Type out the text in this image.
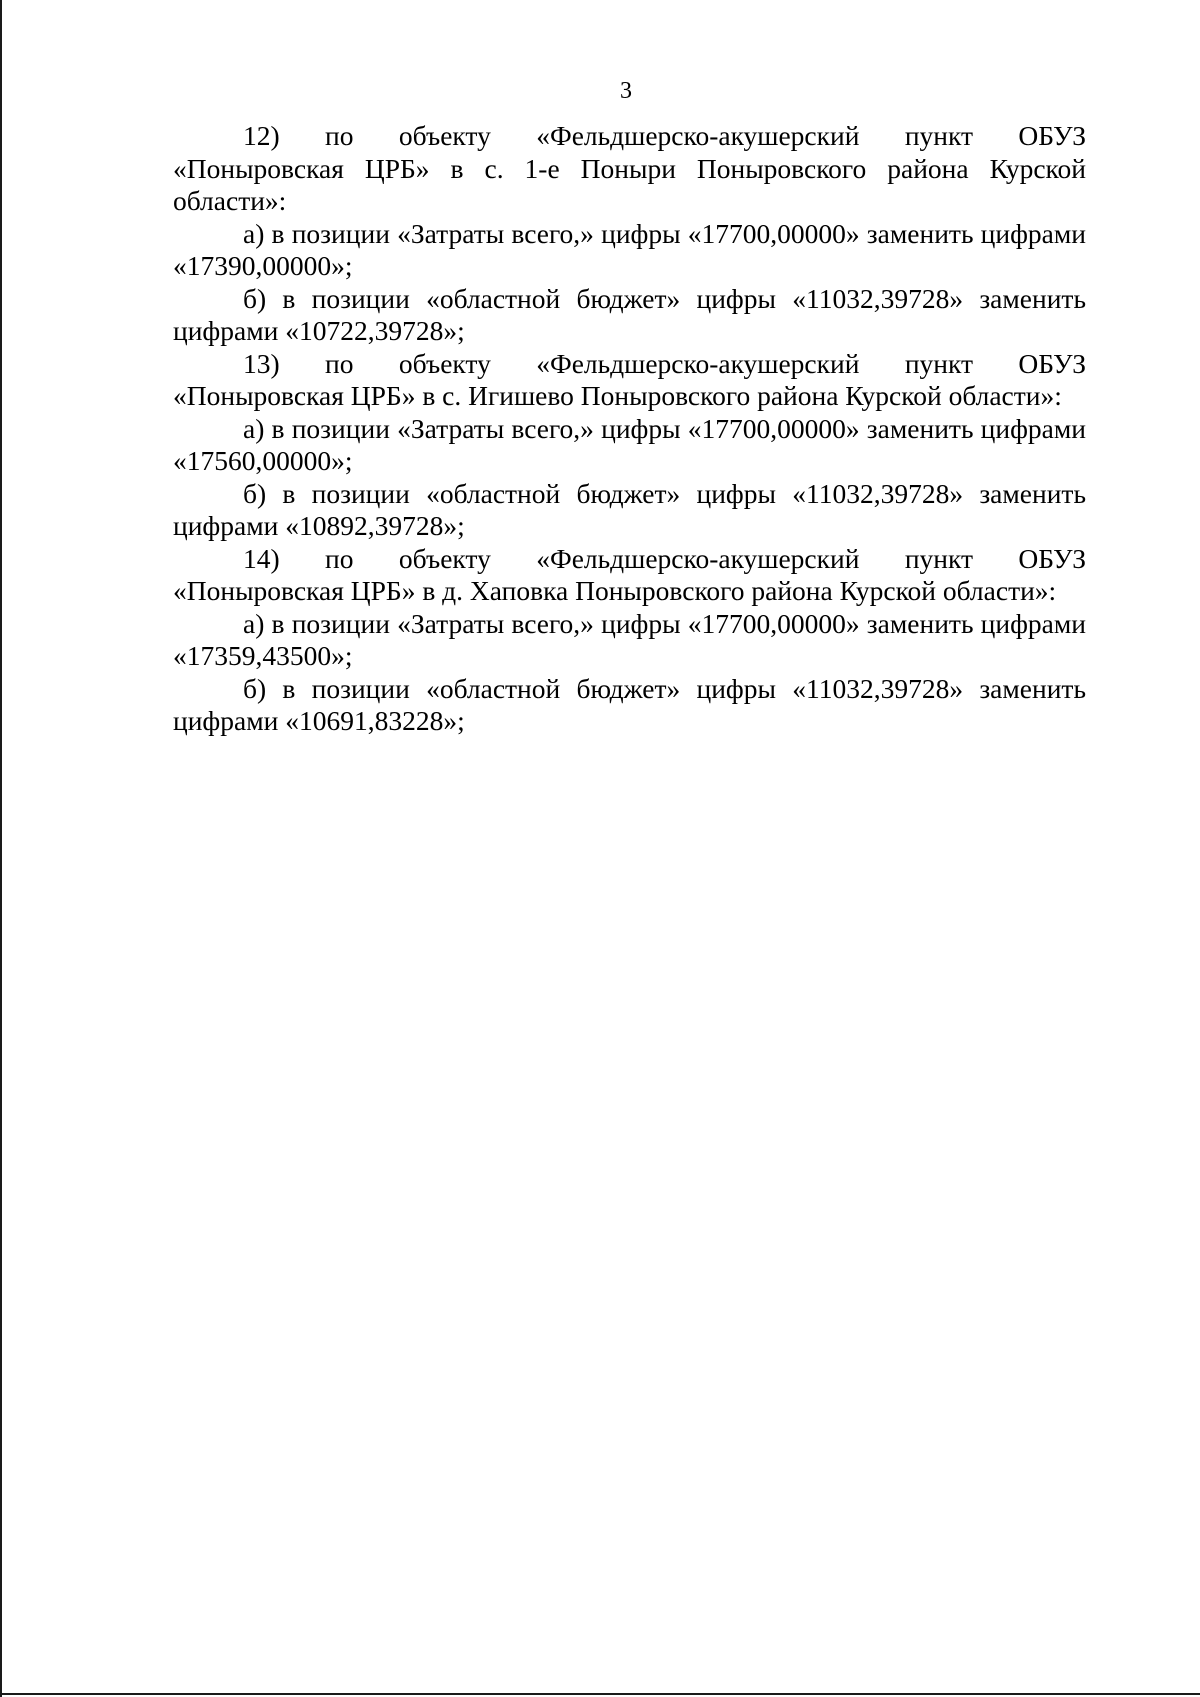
3

12) по объекту «Фельдшерско-акушерский пункт ОБУЗ

«Поныровская ЦРБ» в с. 1-е Поныри Поныровского района Курской области»:

а) в позиции «Затраты всего,» цифры «17700,00000» заменить цифрами «17390,00000»;

б) в позиции «областной бюджет» цифры «11032,39728» заменить цифрами «10722,39728»;

13) по объекту «Фельдшерско-акушерский пункт ОБУЗ

«Поныровская ЦРБ» в с. Игишево Поныровского района Курской области»:

а) в позиции «Затраты всего,» цифры «17700,00000» заменить цифрами «17560,00000»;

б) в позиции «областной бюджет» цифры «11032,39728» заменить цифрами «10892,39728»;

14) по объекту «Фельдшерско-акушерский пункт ОБУЗ

«Поныровская ЦРБ» в д. Хаповка Поныровского района Курской области»:

а) в позиции «Затраты всего,» цифры «17700,00000» заменить цифрами «17359,43500»;

б) в позиции «областной бюджет» цифры «11032,39728» заменить цифрами «10691,83228»;
